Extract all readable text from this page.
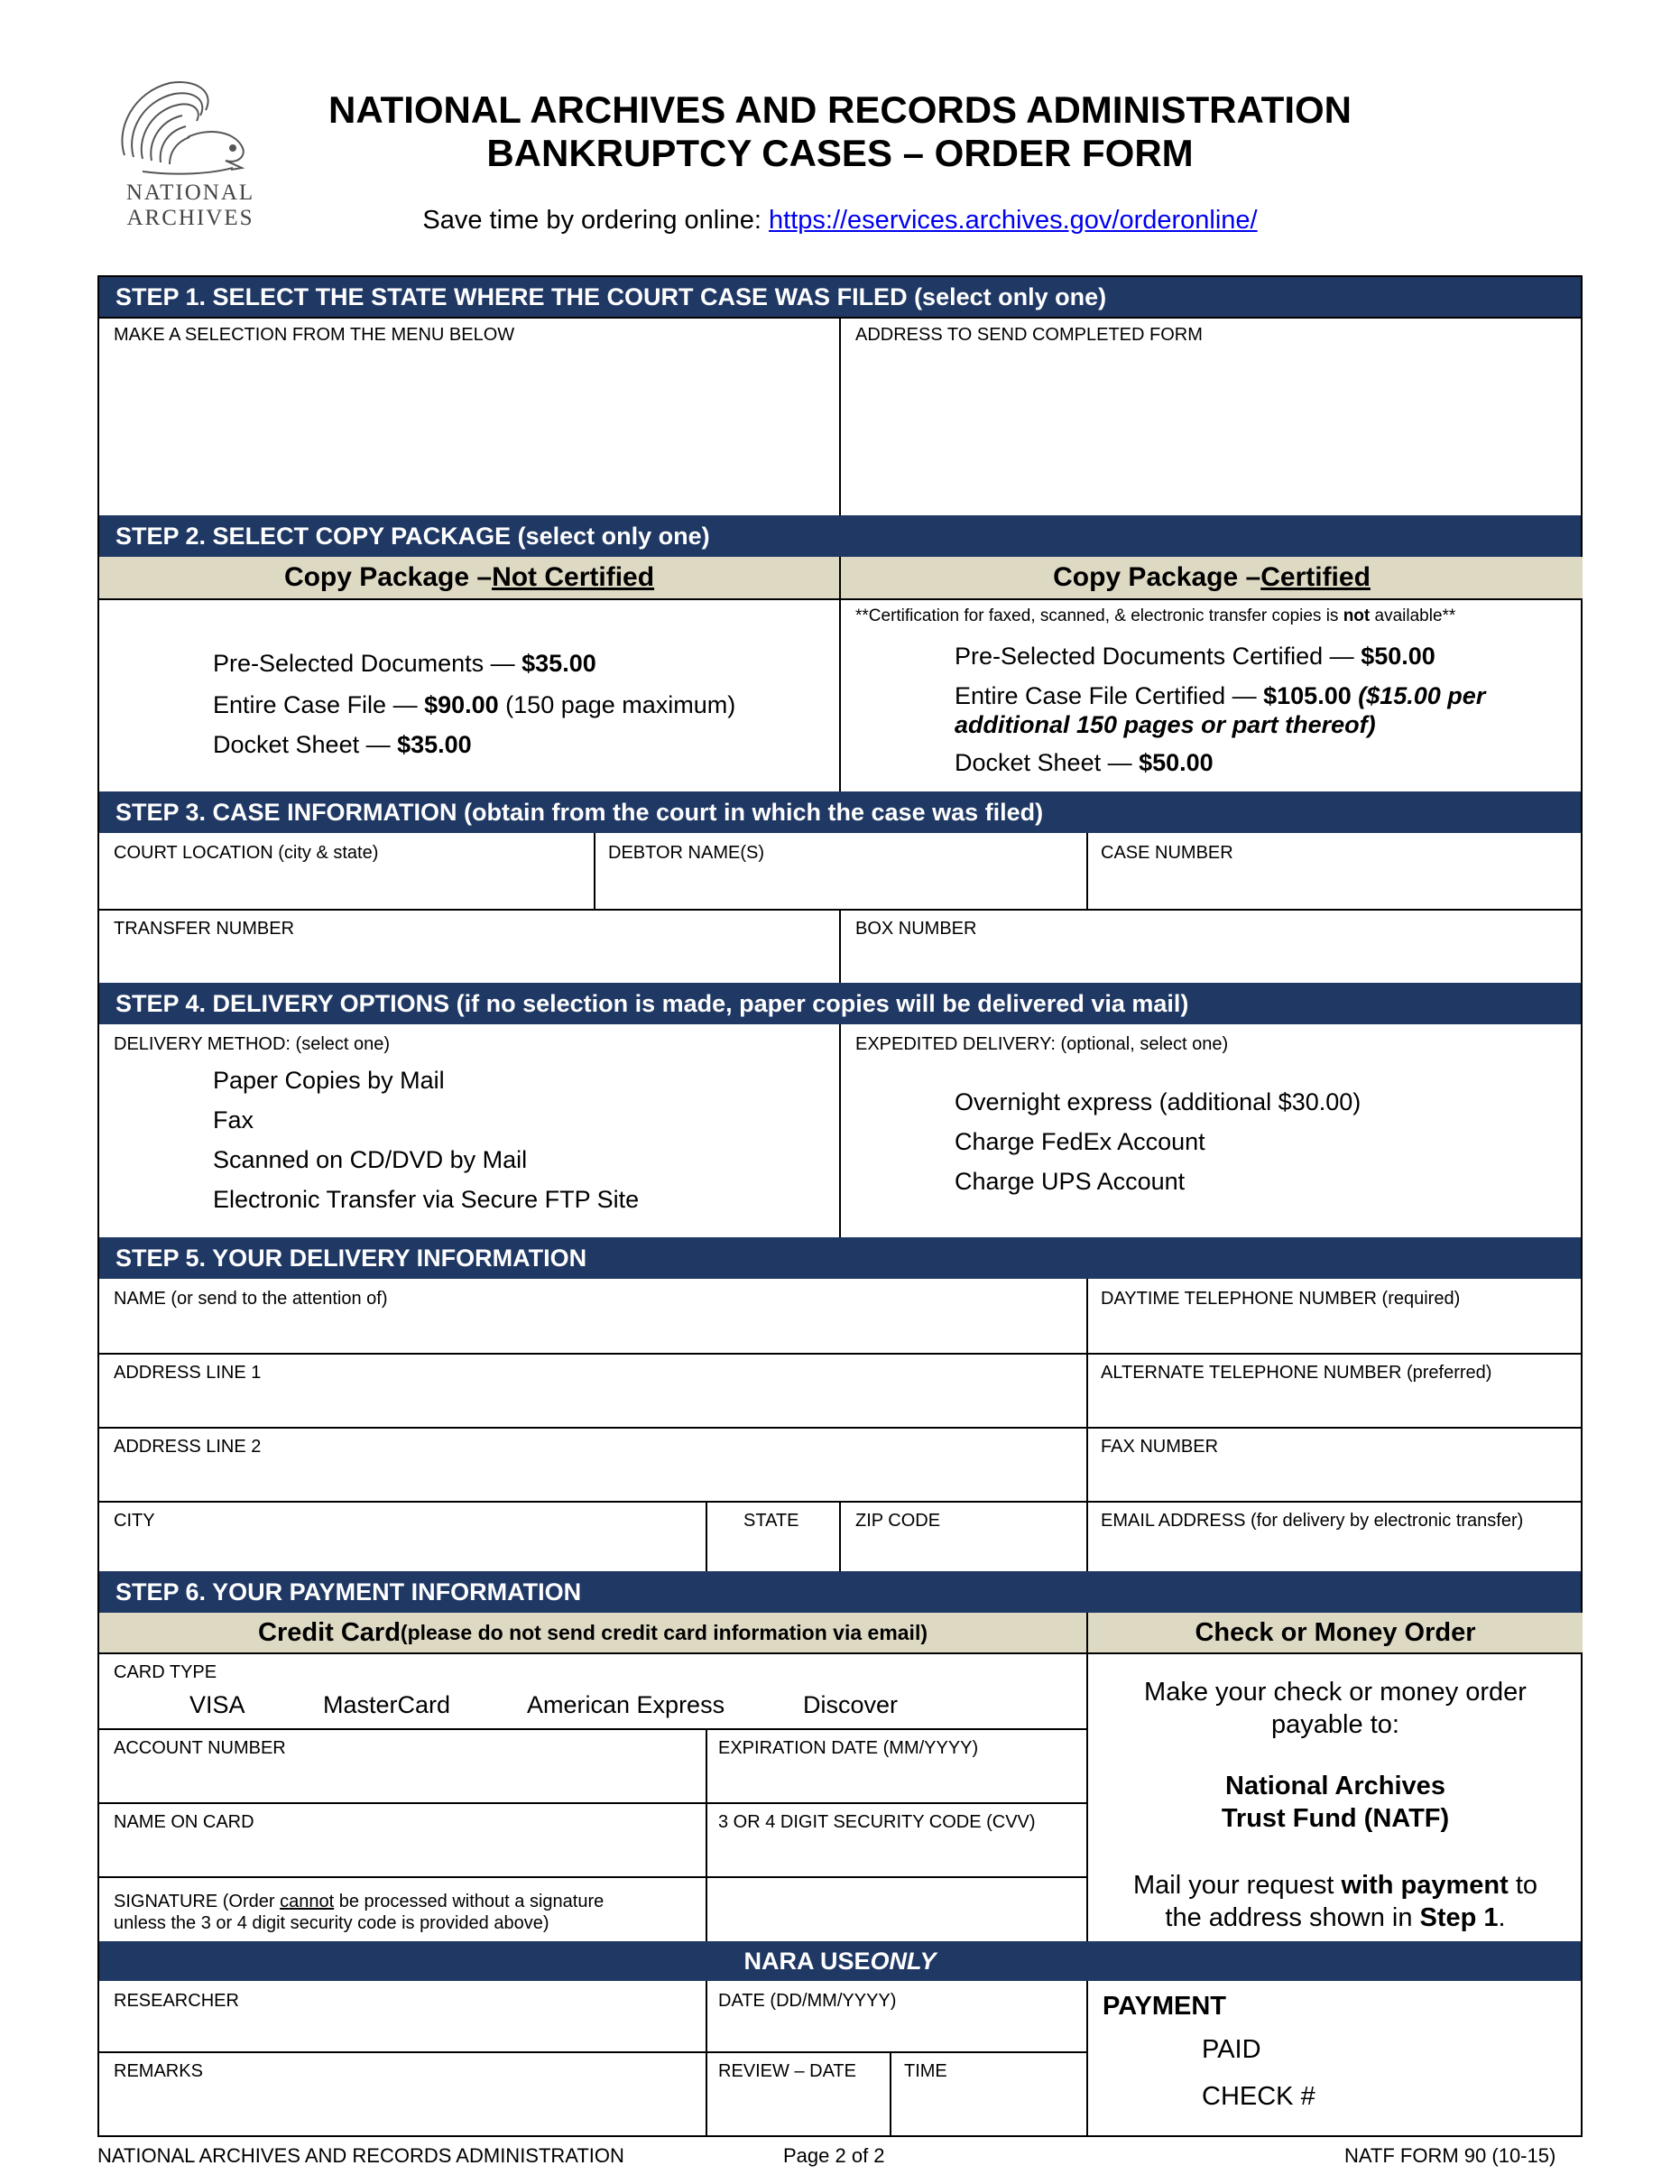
NATIONAL
ARCHIVES
NATIONAL ARCHIVES AND RECORDS ADMINISTRATION
BANKRUPTCY CASES – ORDER FORM
Save time by ordering online: https://eservices.archives.gov/orderonline/
STEP 1. SELECT THE STATE WHERE THE COURT CASE WAS FILED (select only one)
MAKE A SELECTION FROM THE MENU BELOW	ADDRESS TO SEND COMPLETED FORM
STEP 2. SELECT COPY PACKAGE (select only one)
Copy Package – Not Certified	Copy Package – Certified
Pre-Selected Documents — $35.00
Entire Case File — $90.00 (150 page maximum)
Docket Sheet — $35.00
**Certification for faxed, scanned, & electronic transfer copies is not available**
Pre-Selected Documents Certified — $50.00
Entire Case File Certified — $105.00 ($15.00 per
additional 150 pages or part thereof)
Docket Sheet — $50.00
STEP 3. CASE INFORMATION (obtain from the court in which the case was filed)
COURT LOCATION (city & state)	DEBTOR NAME(S)	CASE NUMBER
TRANSFER NUMBER	BOX NUMBER
STEP 4. DELIVERY OPTIONS (if no selection is made, paper copies will be delivered via mail)
DELIVERY METHOD: (select one)
Paper Copies by Mail
Fax
Scanned on CD/DVD by Mail
Electronic Transfer via Secure FTP Site
EXPEDITED DELIVERY: (optional, select one)
Overnight express (additional $30.00)
Charge FedEx Account
Charge UPS Account
STEP 5. YOUR DELIVERY INFORMATION
NAME (or send to the attention of)	DAYTIME TELEPHONE NUMBER (required)
ADDRESS LINE 1	ALTERNATE TELEPHONE NUMBER (preferred)
ADDRESS LINE 2	FAX NUMBER
CITY	STATE	ZIP CODE	EMAIL ADDRESS (for delivery by electronic transfer)
STEP 6. YOUR PAYMENT INFORMATION
Credit Card (please do not send credit card information via email)	Check or Money Order
CARD TYPE
VISA	MasterCard	American Express	Discover
ACCOUNT NUMBER	EXPIRATION DATE (MM/YYYY)
NAME ON CARD	3 OR 4 DIGIT SECURITY CODE (CVV)
SIGNATURE (Order cannot be processed without a signature
unless the 3 or 4 digit security code is provided above)
Make your check or money order
payable to:
National Archives
Trust Fund (NATF)
Mail your request with payment to
the address shown in Step 1.
NARA USE ONLY
RESEARCHER	DATE (DD/MM/YYYY)
REMARKS	REVIEW – DATE	TIME
PAYMENT
PAID
CHECK #
NATIONAL ARCHIVES AND RECORDS ADMINISTRATION	Page 2 of 2	NATF FORM 90 (10-15)
